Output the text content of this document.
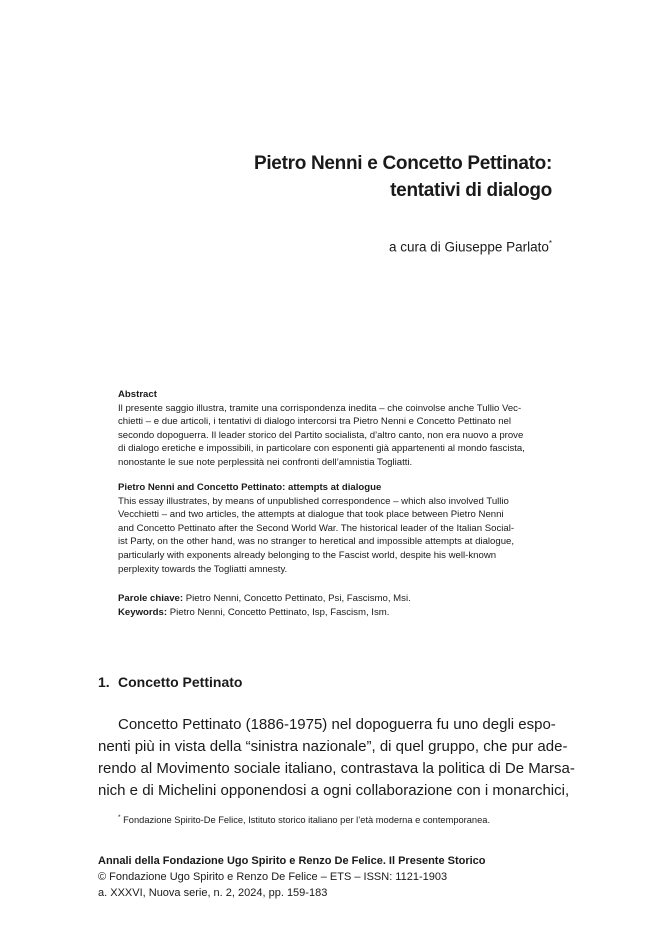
Pietro Nenni e Concetto Pettinato:
tentativi di dialogo
a cura di Giuseppe Parlato*
Abstract
Il presente saggio illustra, tramite una corrispondenza inedita – che coinvolse anche Tullio Vec-
chietti – e due articoli, i tentativi di dialogo intercorsi tra Pietro Nenni e Concetto Pettinato nel
secondo dopoguerra. Il leader storico del Partito socialista, d’altro canto, non era nuovo a prove
di dialogo eretiche e impossibili, in particolare con esponenti già appartenenti al mondo fascista,
nonostante le sue note perplessità nei confronti dell’amnistia Togliatti.
Pietro Nenni and Concetto Pettinato: attempts at dialogue
This essay illustrates, by means of unpublished correspondence – which also involved Tullio
Vecchietti – and two articles, the attempts at dialogue that took place between Pietro Nenni
and Concetto Pettinato after the Second World War. The historical leader of the Italian Social-
ist Party, on the other hand, was no stranger to heretical and impossible attempts at dialogue,
particularly with exponents already belonging to the Fascist world, despite his well-known
perplexity towards the Togliatti amnesty.
Parole chiave: Pietro Nenni, Concetto Pettinato, Psi, Fascismo, Msi.
Keywords: Pietro Nenni, Concetto Pettinato, Isp, Fascism, Ism.
1. Concetto Pettinato
Concetto Pettinato (1886-1975) nel dopoguerra fu uno degli espo-
nenti più in vista della “sinistra nazionale”, di quel gruppo, che pur ade-
rendo al Movimento sociale italiano, contrastava la politica di De Marsa-
nich e di Michelini opponendosi a ogni collaborazione con i monarchici,
* Fondazione Spirito-De Felice, Istituto storico italiano per l’età moderna e contemporanea.
Annali della Fondazione Ugo Spirito e Renzo De Felice. Il Presente Storico
© Fondazione Ugo Spirito e Renzo De Felice – ETS – ISSN: 1121-1903
a. XXXVI, Nuova serie, n. 2, 2024, pp. 159-183
